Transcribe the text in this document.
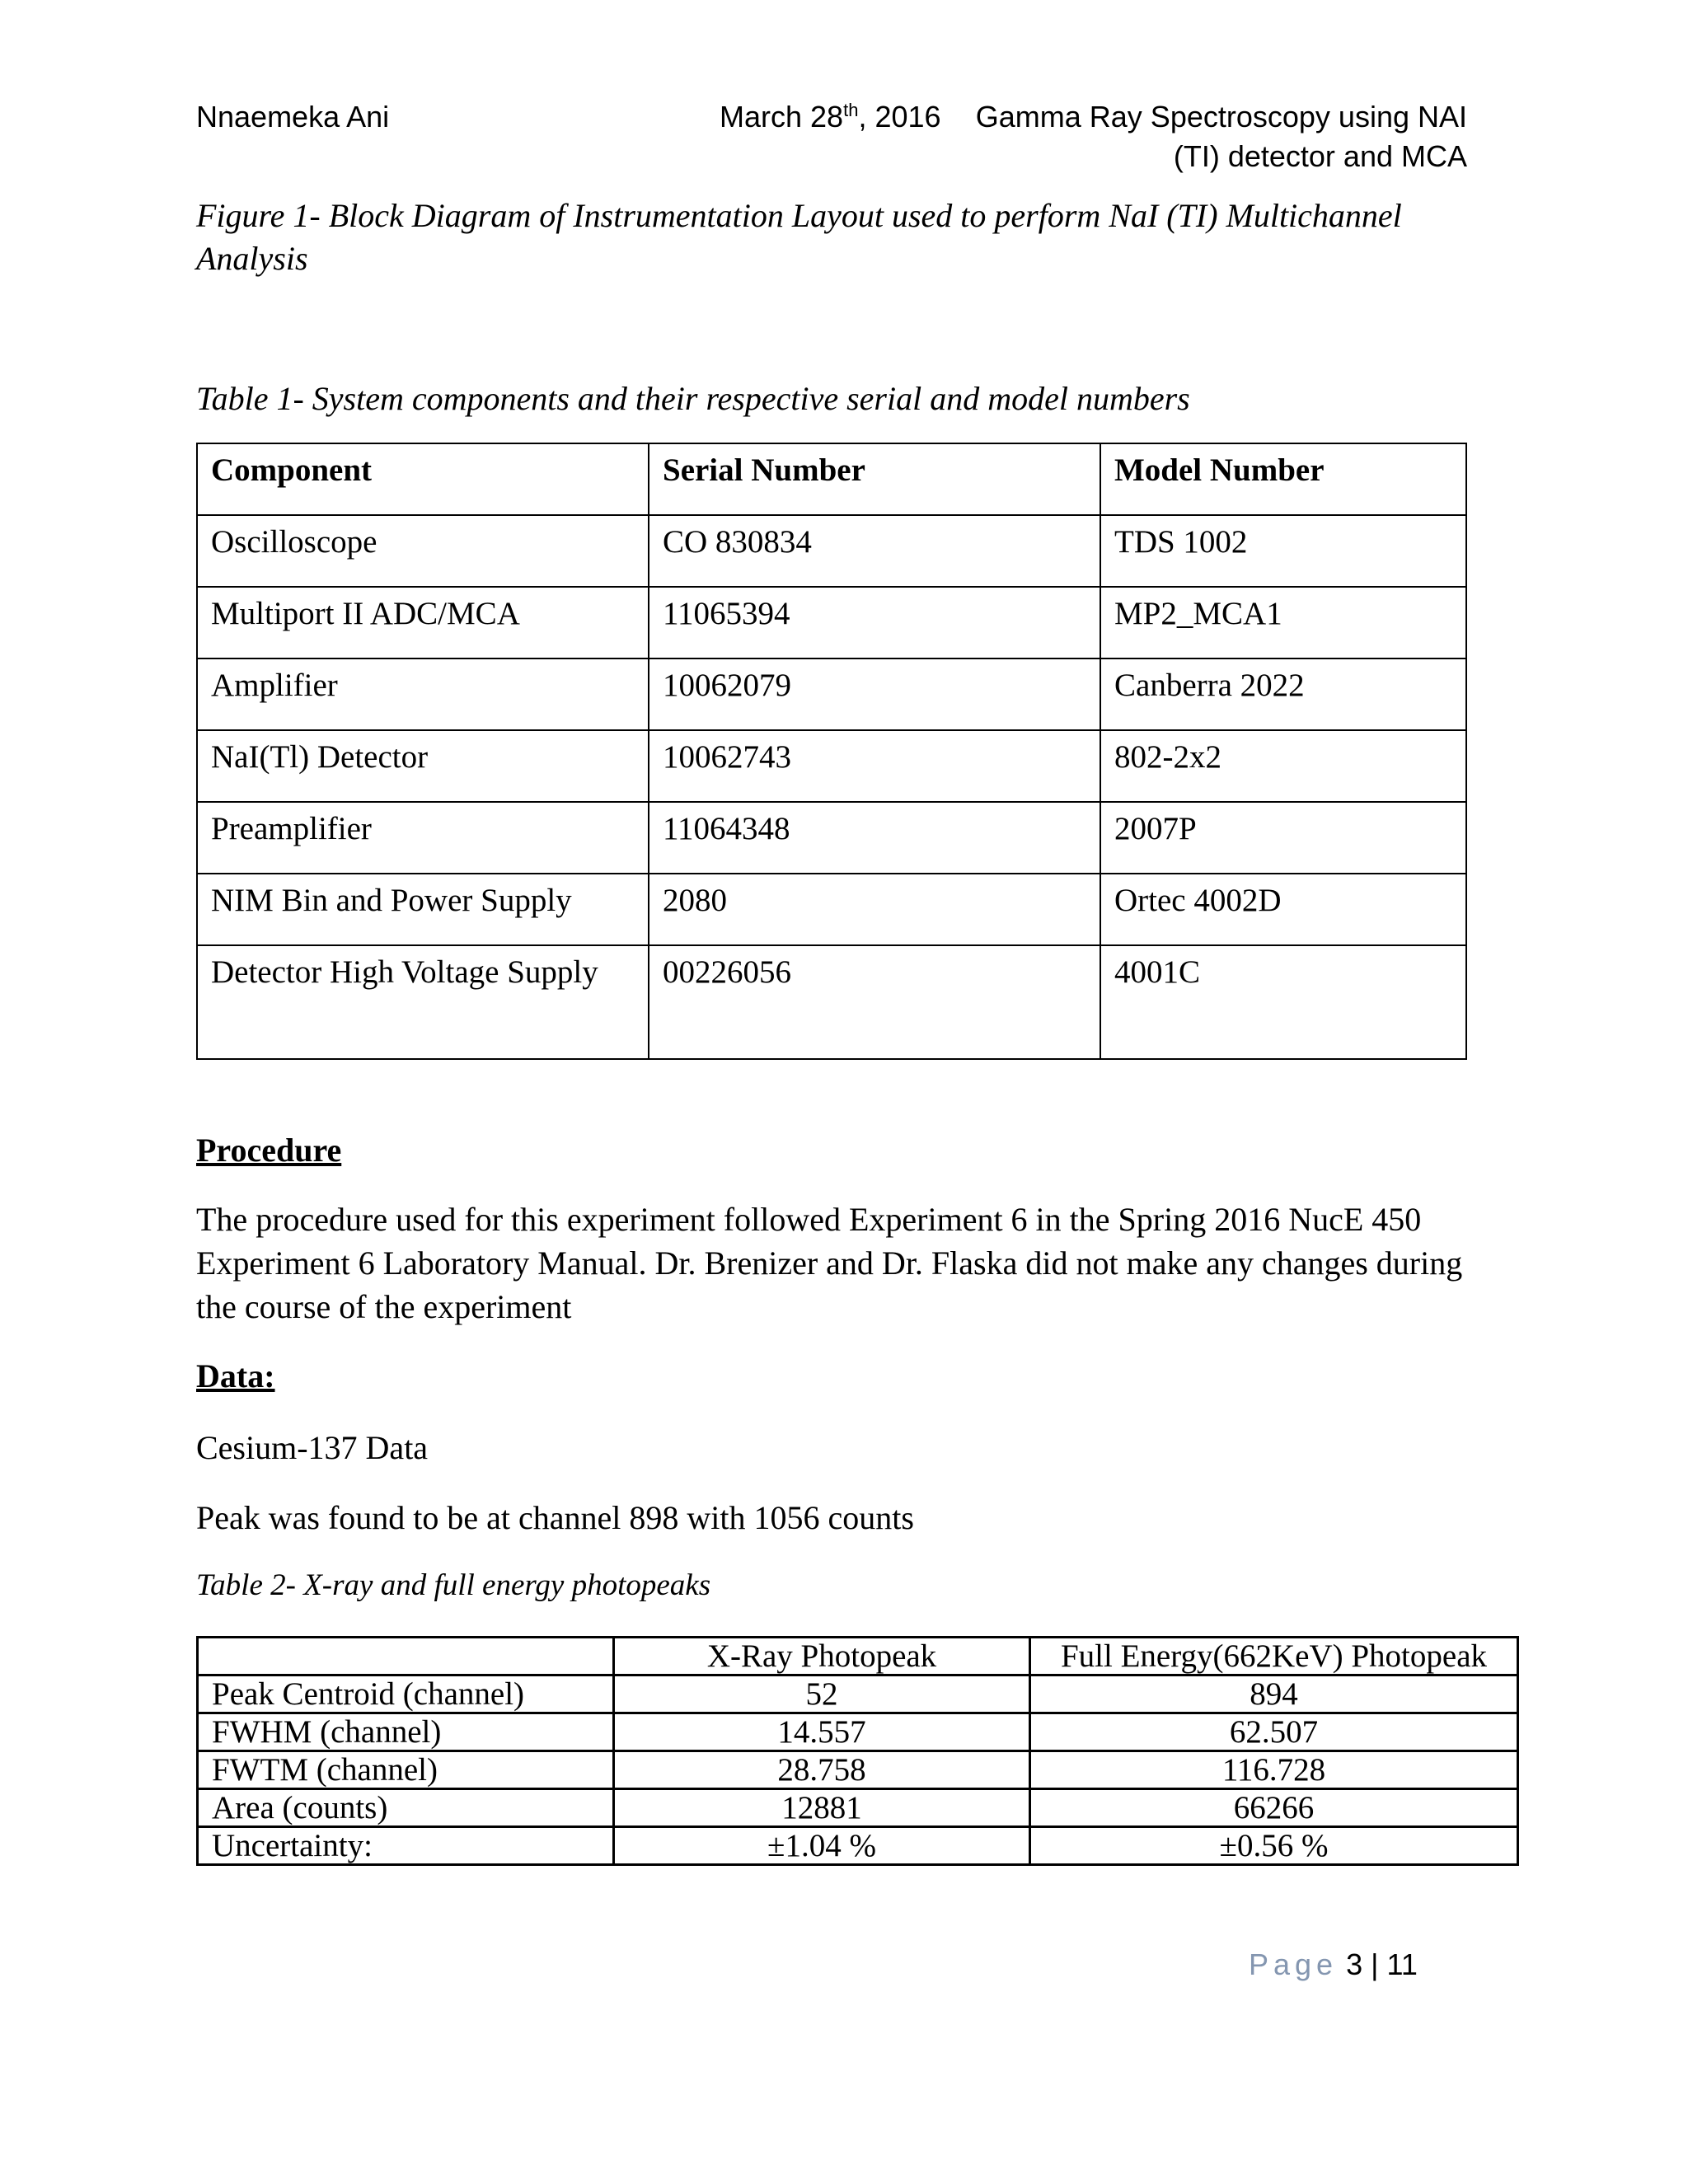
Nnaemeka Ani	March 28th, 2016 Gamma Ray Spectroscopy using NAI
(TI) detector and MCA
Figure 1- Block Diagram of Instrumentation Layout used to perform NaI (TI) Multichannel Analysis
Table 1- System components and their respective serial and model numbers
Component	Serial Number	Model Number
Oscilloscope	CO 830834	TDS 1002
Multiport II ADC/MCA	11065394	MP2_MCA1
Amplifier	10062079	Canberra 2022
NaI(Tl) Detector	10062743	802-2x2
Preamplifier	11064348	2007P
NIM Bin and Power Supply	2080	Ortec 4002D
Detector High Voltage Supply	00226056	4001C
Procedure
The procedure used for this experiment followed Experiment 6 in the Spring 2016 NucE 450 Experiment 6 Laboratory Manual. Dr. Brenizer and Dr. Flaska did not make any changes during the course of the experiment
Data:
Cesium-137 Data
Peak was found to be at channel 898 with 1056 counts
Table 2- X-ray and full energy photopeaks
	X-Ray Photopeak	Full Energy(662KeV) Photopeak
Peak Centroid (channel)	52	894
FWHM (channel)	14.557	62.507
FWTM (channel)	28.758	116.728
Area (counts)	12881	66266
Uncertainty:	±1.04 %	±0.56 %
Page 3 | 11
